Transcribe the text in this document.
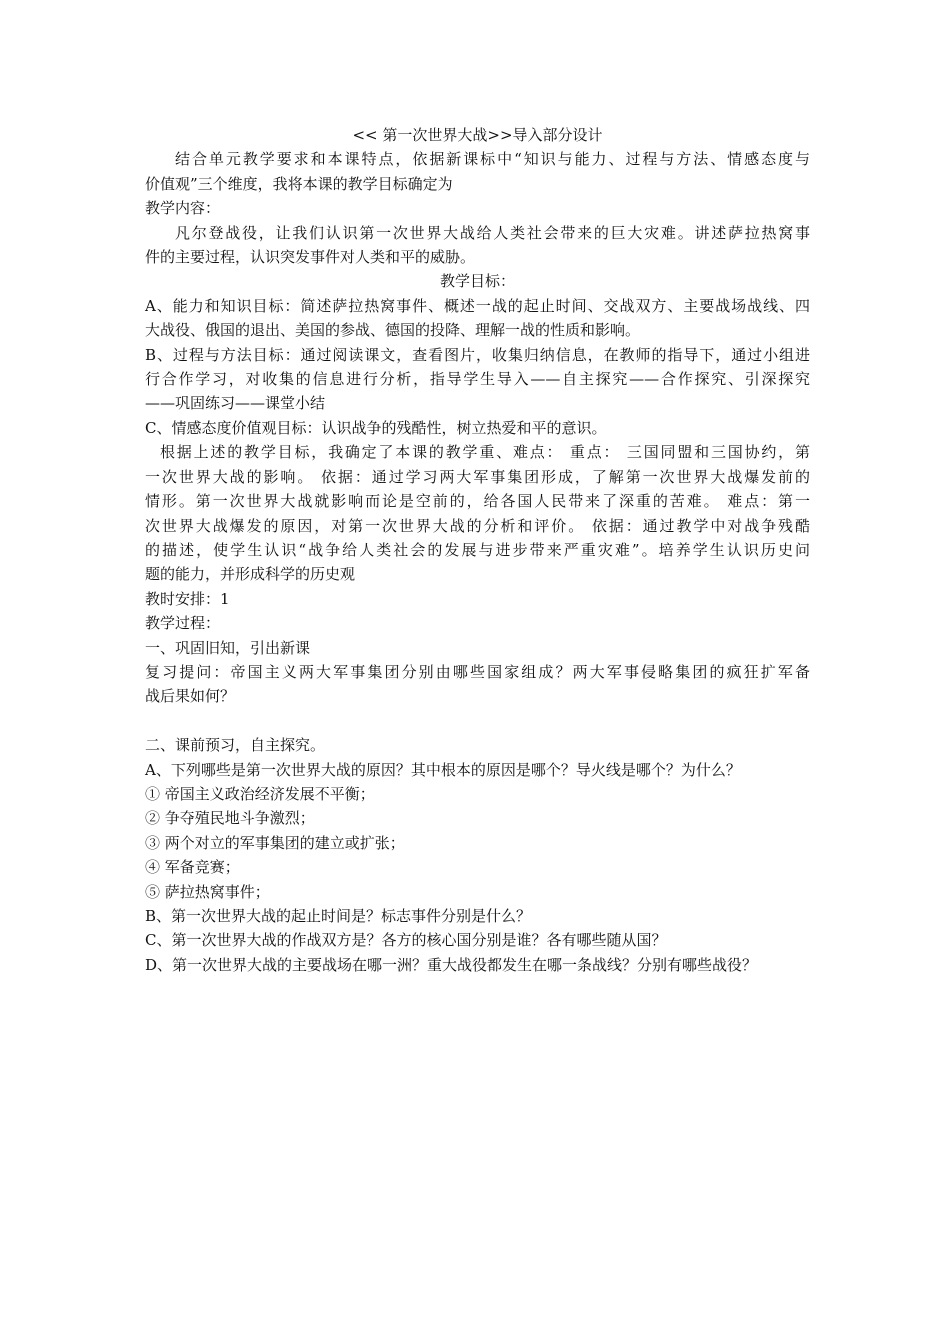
<< 第一次世界大战>>导入部分设计
结合单元教学要求和本课特点，依据新课标中“知识与能力、过程与方法、情感态度与
价值观”三个维度，我将本课的教学目标确定为
教学内容：
凡尔登战役，让我们认识第一次世界大战给人类社会带来的巨大灾难。讲述萨拉热窝事
件的主要过程，认识突发事件对人类和平的威胁。
教学目标：
A、能力和知识目标：简述萨拉热窝事件、概述一战的起止时间、交战双方、主要战场战线、四
大战役、俄国的退出、美国的参战、德国的投降、理解一战的性质和影响。
B、过程与方法目标：通过阅读课文，查看图片，收集归纳信息，在教师的指导下，通过小组进
行合作学习，对收集的信息进行分析，指导学生导入——自主探究——合作探究、引深探究
——巩固练习——课堂小结
C、情感态度价值观目标：认识战争的残酷性，树立热爱和平的意识。
根据上述的教学目标，我确定了本课的教学重、难点： 重点： 三国同盟和三国协约，第
一次世界大战的影响。 依据：通过学习两大军事集团形成，了解第一次世界大战爆发前的
情形。第一次世界大战就影响而论是空前的，给各国人民带来了深重的苦难。 难点：第一
次世界大战爆发的原因，对第一次世界大战的分析和评价。 依据：通过教学中对战争残酷
的描述，使学生认识“战争给人类社会的发展与进步带来严重灾难”。培养学生认识历史问
题的能力，并形成科学的历史观
教时安排：1
教学过程：
一、巩固旧知，引出新课
复习提问：帝国主义两大军事集团分别由哪些国家组成？两大军事侵略集团的疯狂扩军备
战后果如何？
二、课前预习，自主探究。
A、下列哪些是第一次世界大战的原因？其中根本的原因是哪个？导火线是哪个？为什么？
① 帝国主义政治经济发展不平衡；
② 争夺殖民地斗争激烈；
③ 两个对立的军事集团的建立或扩张；
④ 军备竞赛；
⑤ 萨拉热窝事件；
B、第一次世界大战的起止时间是？标志事件分别是什么？
C、第一次世界大战的作战双方是？各方的核心国分别是谁？各有哪些随从国？
D、第一次世界大战的主要战场在哪一洲？重大战役都发生在哪一条战线？分别有哪些战役？
